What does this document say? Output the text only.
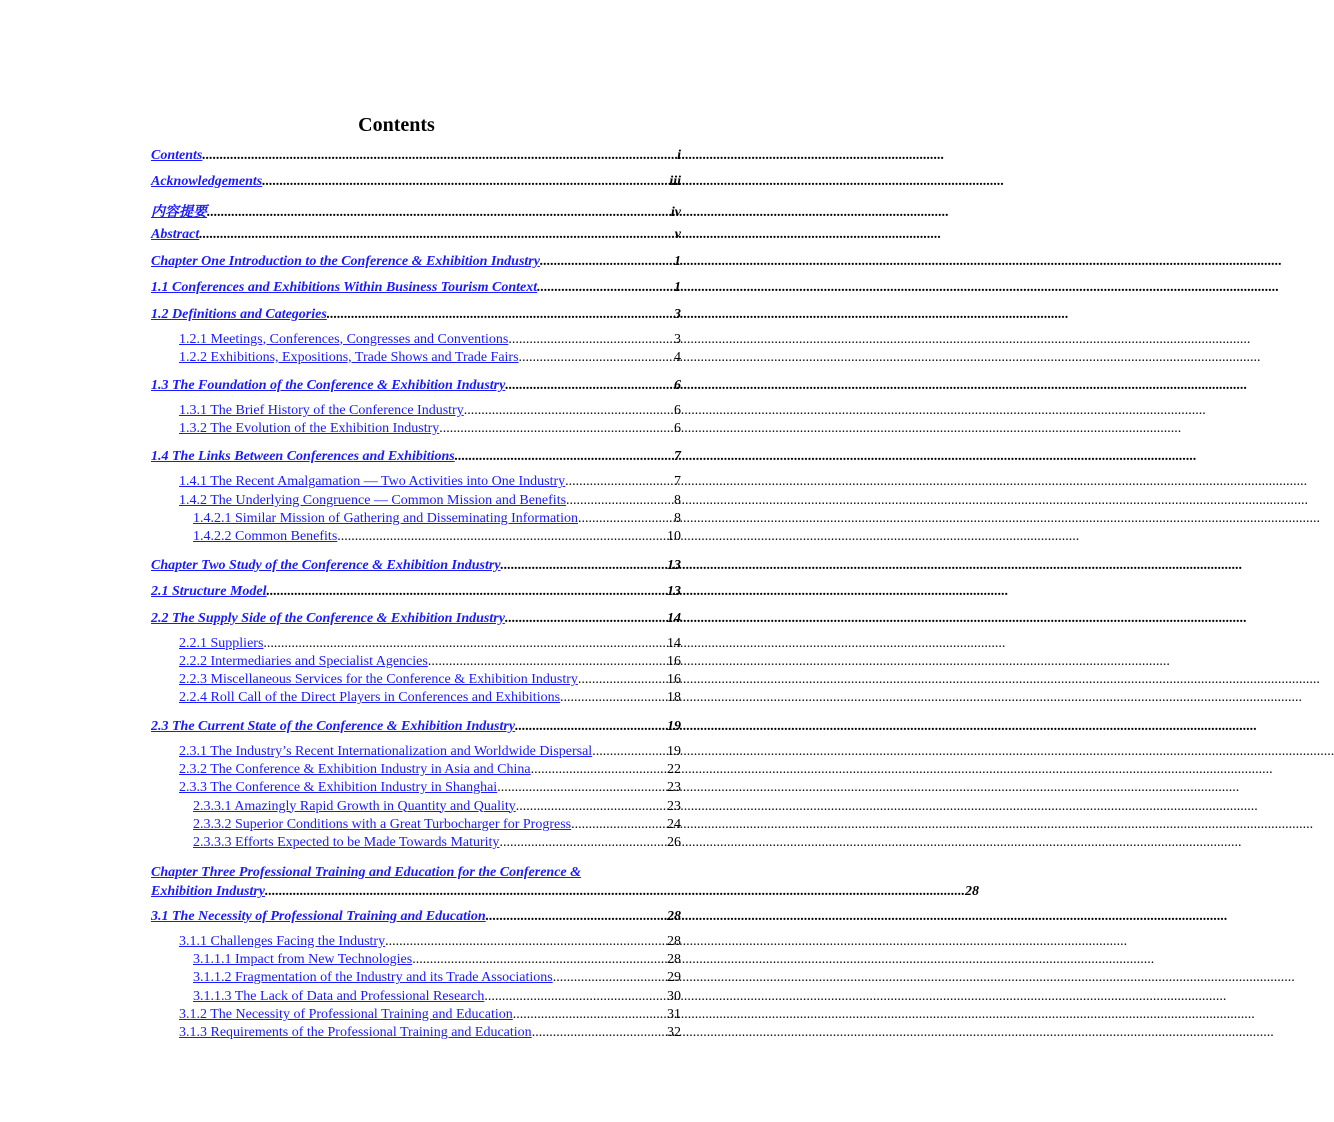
Contents
Contents .....	i
Acknowledgements .....	iii
内容提要 .....	iv
Abstract .....	v
Chapter One Introduction to the Conference & Exhibition Industry .....	1
1.1 Conferences and Exhibitions Within Business Tourism Context .....	1
1.2 Definitions and Categories .....	3
1.2.1 Meetings, Conferences, Congresses and Conventions .....	3
1.2.2 Exhibitions, Expositions, Trade Shows and Trade Fairs .....	4
1.3 The Foundation of the Conference & Exhibition Industry .....	6
1.3.1 The Brief History of the Conference Industry .....	6
1.3.2 The Evolution of the Exhibition Industry .....	6
1.4 The Links Between Conferences and Exhibitions .....	7
1.4.1 The Recent Amalgamation — Two Activities into One Industry .....	7
1.4.2 The Underlying Congruence — Common Mission and Benefits .....	8
1.4.2.1 Similar Mission of Gathering and Disseminating Information .....	8
1.4.2.2 Common Benefits .....	10
Chapter Two Study of the Conference & Exhibition Industry .....	13
2.1 Structure Model .....	13
2.2 The Supply Side of the Conference & Exhibition Industry .....	14
2.2.1 Suppliers .....	14
2.2.2 Intermediaries and Specialist Agencies .....	16
2.2.3 Miscellaneous Services for the Conference & Exhibition Industry .....	16
2.2.4 Roll Call of the Direct Players in Conferences and Exhibitions .....	18
2.3 The Current State of the Conference & Exhibition Industry .....	19
2.3.1 The Industry’s Recent Internationalization and Worldwide Dispersal .....	19
2.3.2 The Conference & Exhibition Industry in Asia and China .....	22
2.3.3 The Conference & Exhibition Industry in Shanghai .....	23
2.3.3.1 Amazingly Rapid Growth in Quantity and Quality .....	23
2.3.3.2 Superior Conditions with a Great Turbocharger for Progress .....	24
2.3.3.3 Efforts Expected to be Made Towards Maturity .....	26
Chapter Three Professional Training and Education for the Conference &
Exhibition Industry ........................................................................................................................................................................................................ 28
3.1 The Necessity of Professional Training and Education .....	28
3.1.1 Challenges Facing the Industry .....	28
3.1.1.1 Impact from New Technologies .....	28
3.1.1.2 Fragmentation of the Industry and its Trade Associations .....	29
3.1.1.3 The Lack of Data and Professional Research .....	30
3.1.2 The Necessity of Professional Training and Education .....	31
3.1.3 Requirements of the Professional Training and Education .....	32
